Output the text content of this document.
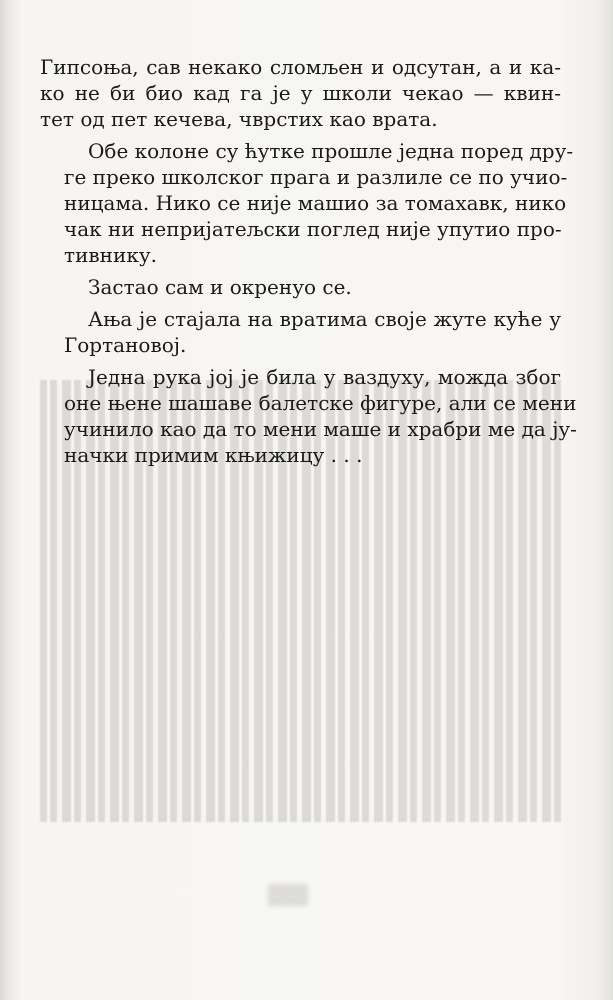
Гипсоња, сав некако сломљен и одсутан, а и ка-
ко не би био кад га је у школи чекао — квин-
тет од пет кечева, чврстих као врата.
Обе колоне су ћутке прошле једна поред дру-
ге преко школског прага и разлиле се по учио-
ницама. Нико се није машио за томахавк, нико
чак ни непријатељски поглед није упутио про-
тивнику.
Застао сам и окренуо се.
Ања је стајала на вратима своје жуте куће у
Гортановој.
Једна рука јој је била у ваздуху, можда због
оне њене шашаве балетске фигуре, али се мени
учинило као да то мени маше и храбри ме да ју-
начки примим књижицу . . .
